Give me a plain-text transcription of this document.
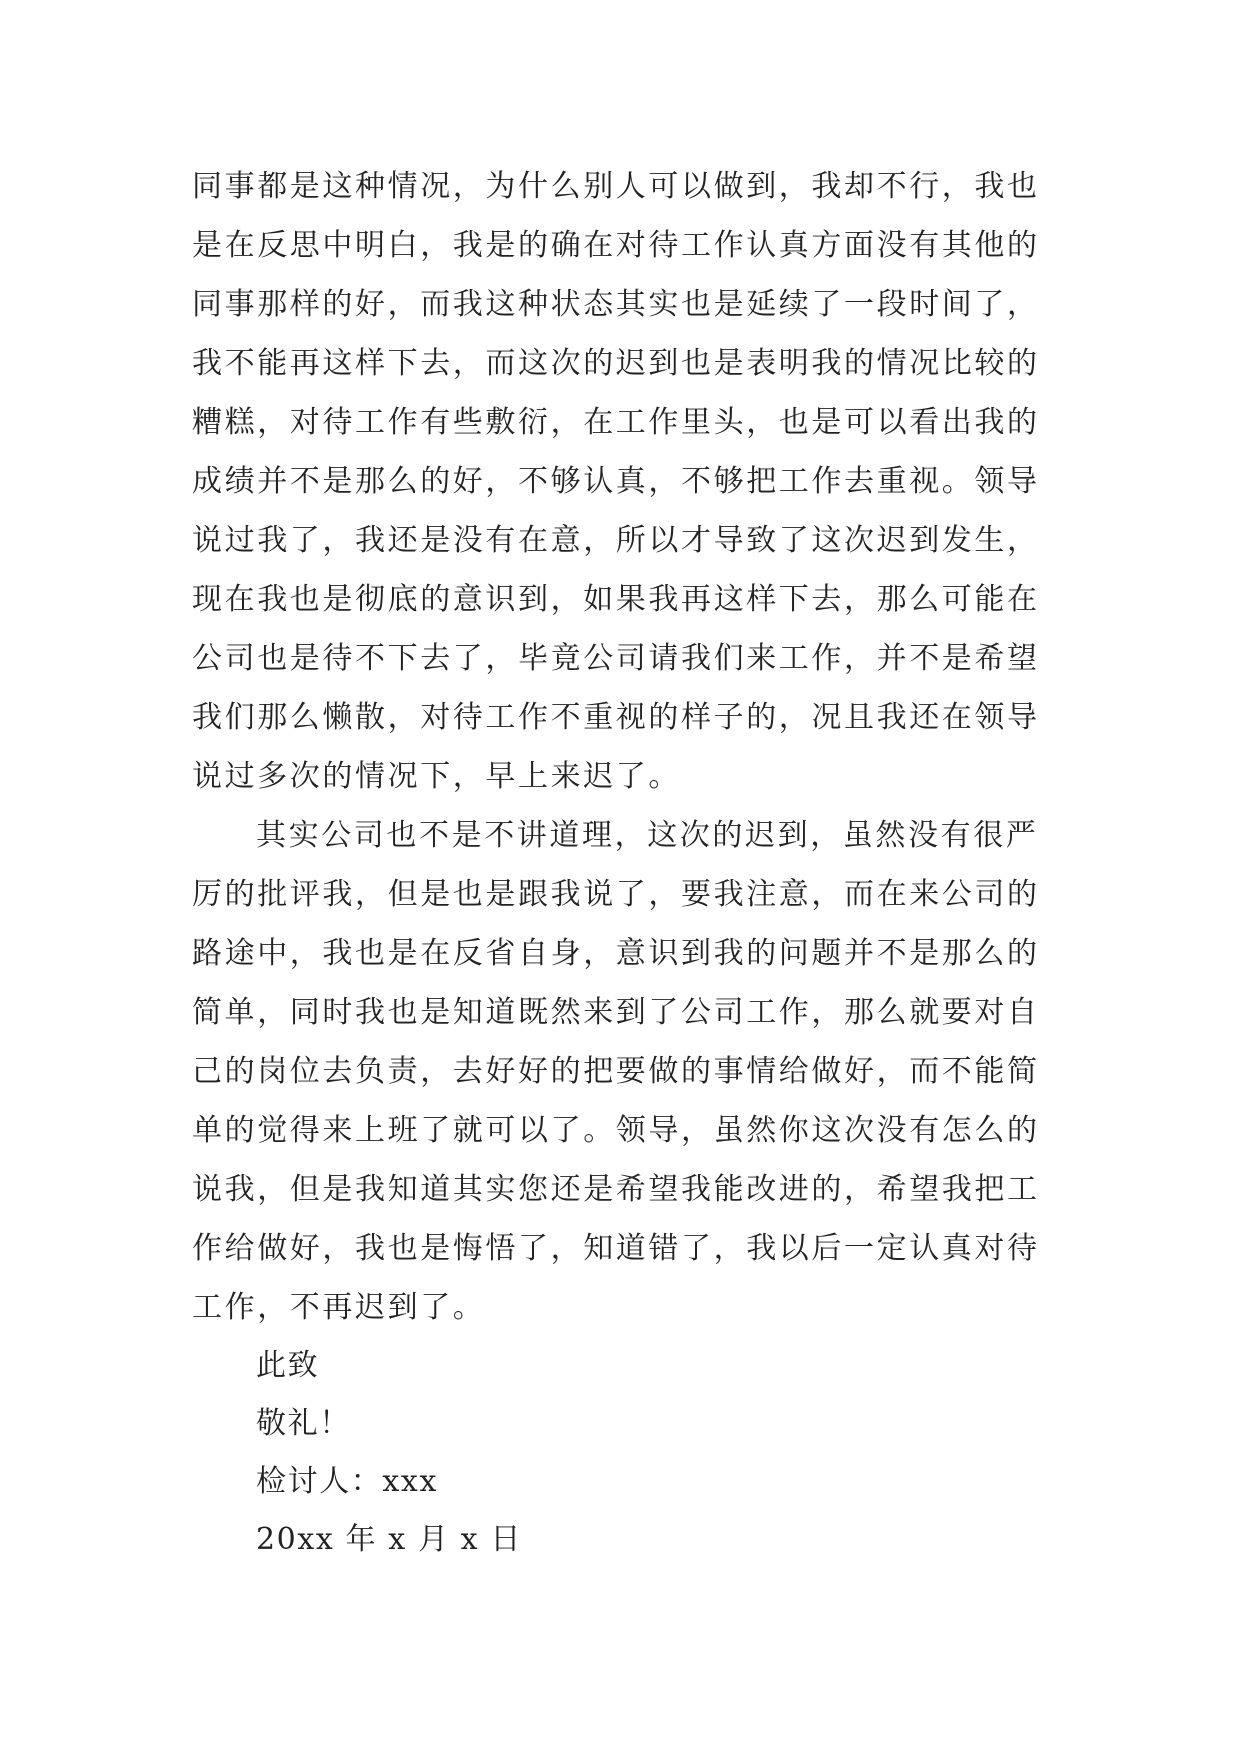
同事都是这种情况，为什么别人可以做到，我却不行，我也
是在反思中明白，我是的确在对待工作认真方面没有其他的
同事那样的好，而我这种状态其实也是延续了一段时间了，
我不能再这样下去，而这次的迟到也是表明我的情况比较的
糟糕，对待工作有些敷衍，在工作里头，也是可以看出我的
成绩并不是那么的好，不够认真，不够把工作去重视。领导
说过我了，我还是没有在意，所以才导致了这次迟到发生，
现在我也是彻底的意识到，如果我再这样下去，那么可能在
公司也是待不下去了，毕竟公司请我们来工作，并不是希望
我们那么懒散，对待工作不重视的样子的，况且我还在领导
说过多次的情况下，早上来迟了。
其实公司也不是不讲道理，这次的迟到，虽然没有很严
厉的批评我，但是也是跟我说了，要我注意，而在来公司的
路途中，我也是在反省自身，意识到我的问题并不是那么的
简单，同时我也是知道既然来到了公司工作，那么就要对自
己的岗位去负责，去好好的把要做的事情给做好，而不能简
单的觉得来上班了就可以了。领导，虽然你这次没有怎么的
说我，但是我知道其实您还是希望我能改进的，希望我把工
作给做好，我也是悔悟了，知道错了，我以后一定认真对待
工作，不再迟到了。
此致
敬礼！
检讨人：xxx
20xx 年 x 月 x 日
